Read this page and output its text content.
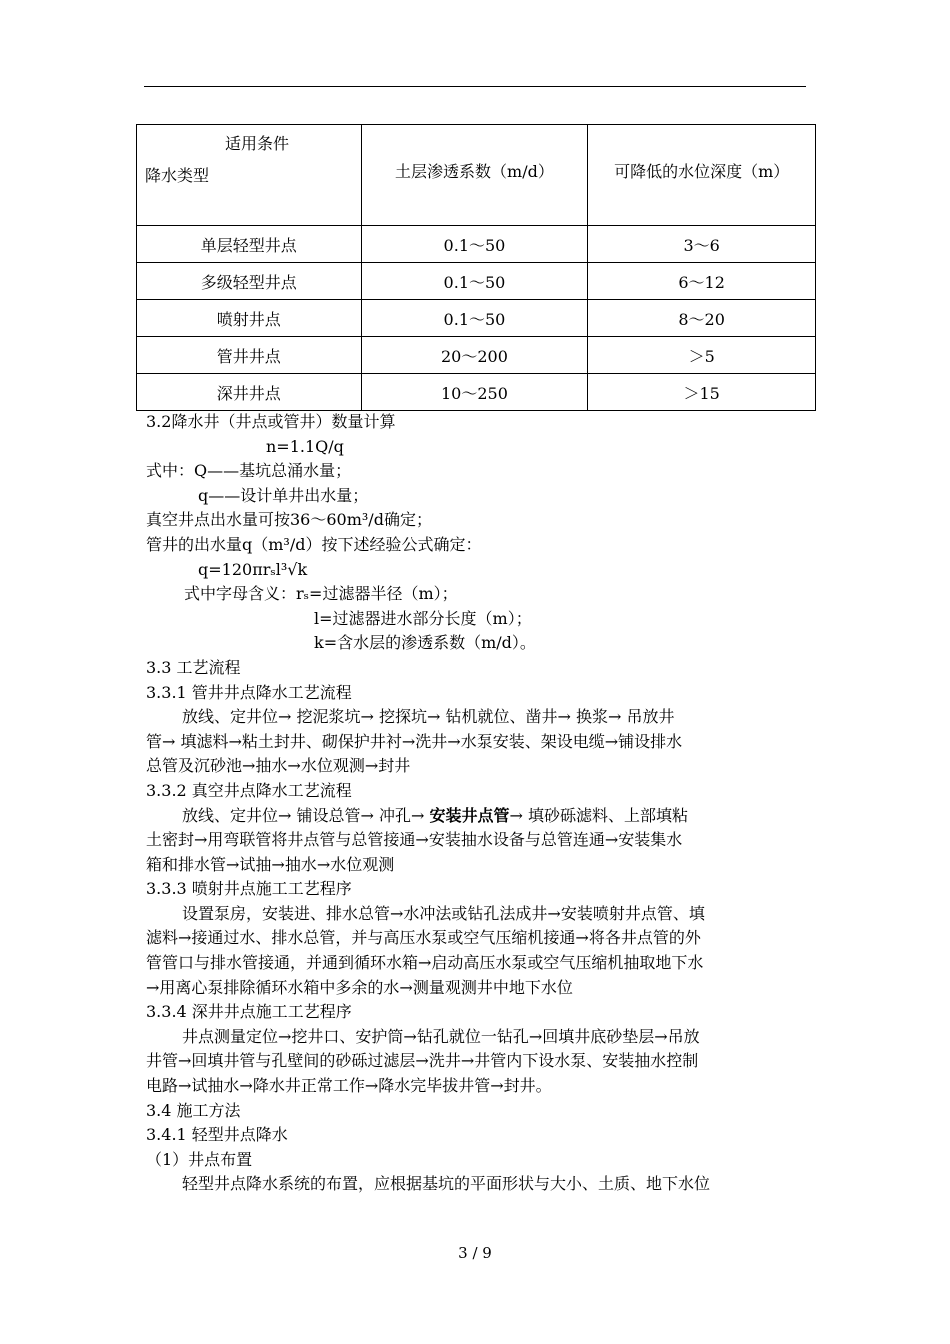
适用条件
降水类型	土层渗透系数（m/d）	可降低的水位深度（m）
单层轻型井点	0.1～50	3～6
多级轻型井点	0.1～50	6～12
喷射井点	0.1～50	8～20
管井井点	20～200	＞5
深井井点	10～250	＞15
3.2降水井（井点或管井）数量计算
n=1.1Q/q
式中：Q——基坑总涌水量；
q——设计单井出水量；
真空井点出水量可按36～60m³/d确定；
管井的出水量q（m³/d）按下述经验公式确定：
q=120πrₛl³√k
式中字母含义：rₛ=过滤器半径（m）；
l=过滤器进水部分长度（m）；
k=含水层的渗透系数（m/d）。
3.3 工艺流程
3.3.1 管井井点降水工艺流程
放线、定井位→ 挖泥浆坑→ 挖探坑→ 钻机就位、凿井→ 换浆→ 吊放井
管→ 填滤料→粘土封井、砌保护井衬→洗井→水泵安装、架设电缆→铺设排水
总管及沉砂池→抽水→水位观测→封井
3.3.2 真空井点降水工艺流程
放线、定井位→ 铺设总管→ 冲孔→ 安装井点管→ 填砂砾滤料、上部填粘
土密封→用弯联管将井点管与总管接通→安装抽水设备与总管连通→安装集水
箱和排水管→试抽→抽水→水位观测
3.3.3 喷射井点施工工艺程序
设置泵房，安装进、排水总管→水冲法或钻孔法成井→安装喷射井点管、填
滤料→接通过水、排水总管，并与高压水泵或空气压缩机接通→将各井点管的外
管管口与排水管接通，并通到循环水箱→启动高压水泵或空气压缩机抽取地下水
→用离心泵排除循环水箱中多余的水→测量观测井中地下水位
3.3.4 深井井点施工工艺程序
井点测量定位→挖井口、安护筒→钻孔就位一钻孔→回填井底砂垫层→吊放
井管→回填井管与孔壁间的砂砾过滤层→洗井→井管内下设水泵、安装抽水控制
电路→试抽水→降水井正常工作→降水完毕拔井管→封井。
3.4 施工方法
3.4.1 轻型井点降水
（1）井点布置
轻型井点降水系统的布置，应根据基坑的平面形状与大小、土质、地下水位
3 / 9
